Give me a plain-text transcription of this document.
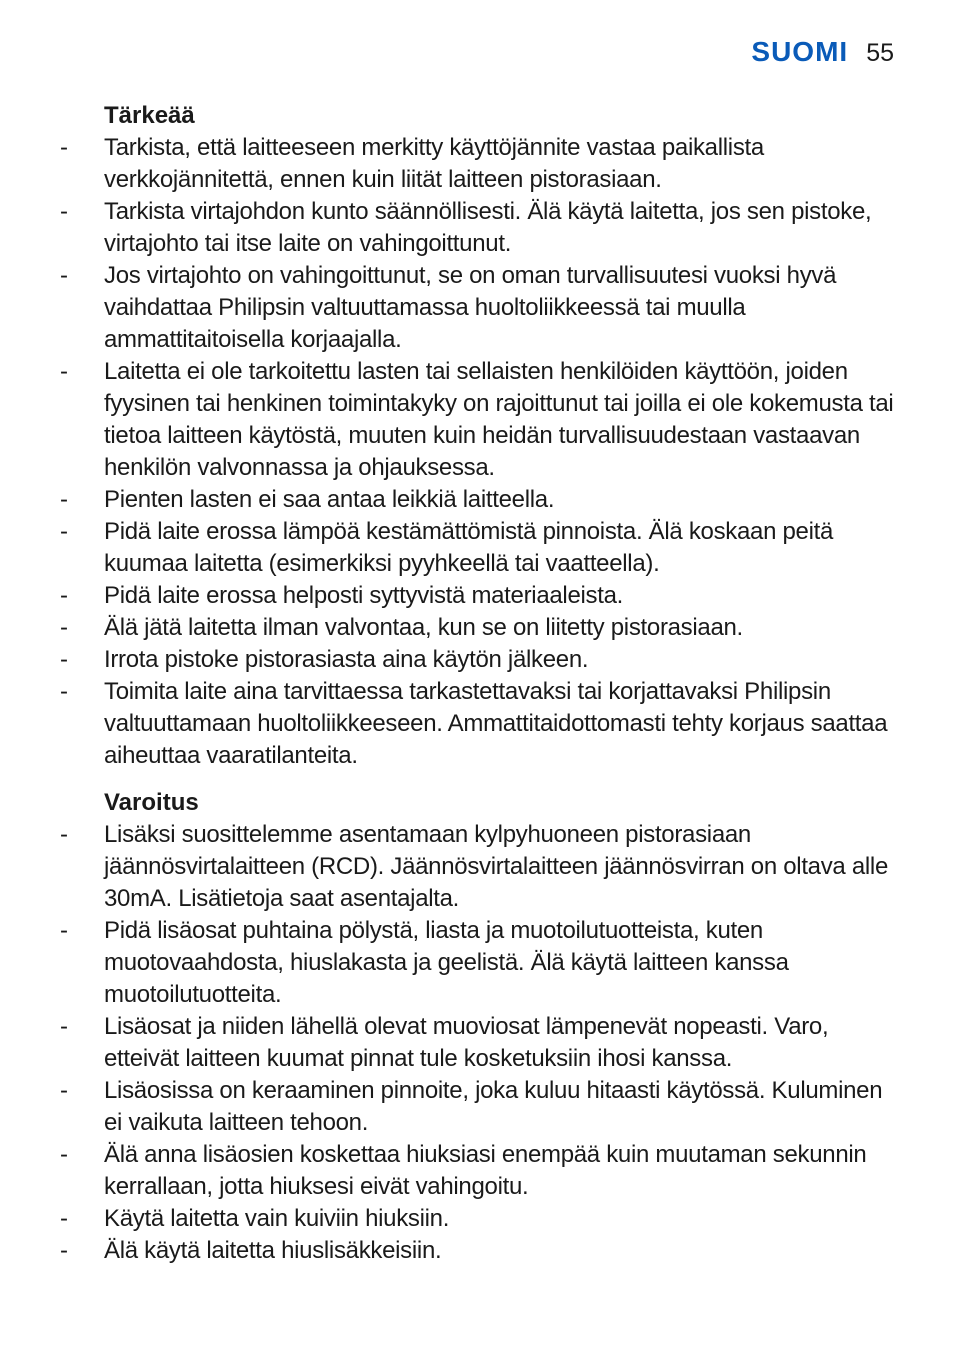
SUOMI 55
Tärkeää
- Tarkista, että laitteeseen merkitty käyttöjännite vastaa paikallista verkkojännitettä, ennen kuin liität laitteen pistorasiaan.
- Tarkista virtajohdon kunto säännöllisesti. Älä käytä laitetta, jos sen pistoke, virtajohto tai itse laite on vahingoittunut.
- Jos virtajohto on vahingoittunut, se on oman turvallisuutesi vuoksi hyvä vaihdattaa Philipsin valtuuttamassa huoltoliikkeessä tai muulla ammattitaitoisella korjaajalla.
- Laitetta ei ole tarkoitettu lasten tai sellaisten henkilöiden käyttöön, joiden fyysinen tai henkinen toimintakyky on rajoittunut tai joilla ei ole kokemusta tai tietoa laitteen käytöstä, muuten kuin heidän turvallisuudestaan vastaavan henkilön valvonnassa ja ohjauksessa.
- Pienten lasten ei saa antaa leikkiä laitteella.
- Pidä laite erossa lämpöä kestämättömistä pinnoista. Älä koskaan peitä kuumaa laitetta (esimerkiksi pyyhkeellä tai vaatteella).
- Pidä laite erossa helposti syttyvistä materiaaleista.
- Älä jätä laitetta ilman valvontaa, kun se on liitetty pistorasiaan.
- Irrota pistoke pistorasiasta aina käytön jälkeen.
- Toimita laite aina tarvittaessa tarkastettavaksi tai korjattavaksi Philipsin valtuuttamaan huoltoliikkeeseen. Ammattitaidottomasti tehty korjaus saattaa aiheuttaa vaaratilanteita.
Varoitus
- Lisäksi suosittelemme asentamaan kylpyhuoneen pistorasiaan jäännösvirtalaitteen (RCD). Jäännösvirtalaitteen jäännösvirran on oltava alle 30mA. Lisätietoja saat asentajalta.
- Pidä lisäosat puhtaina pölystä, liasta ja muotoilutuotteista, kuten muotovaahdosta, hiuslakasta ja geelistä. Älä käytä laitteen kanssa muotoilutuotteita.
- Lisäosat ja niiden lähellä olevat muoviosat lämpenevät nopeasti. Varo, etteivät laitteen kuumat pinnat tule kosketuksiin ihosi kanssa.
- Lisäosissa on keraaminen pinnoite, joka kuluu hitaasti käytössä. Kuluminen ei vaikuta laitteen tehoon.
- Älä anna lisäosien koskettaa hiuksiasi enempää kuin muutaman sekunnin kerrallaan, jotta hiuksesi eivät vahingoitu.
- Käytä laitetta vain kuiviin hiuksiin.
- Älä käytä laitetta hiuslisäkkeisiin.
